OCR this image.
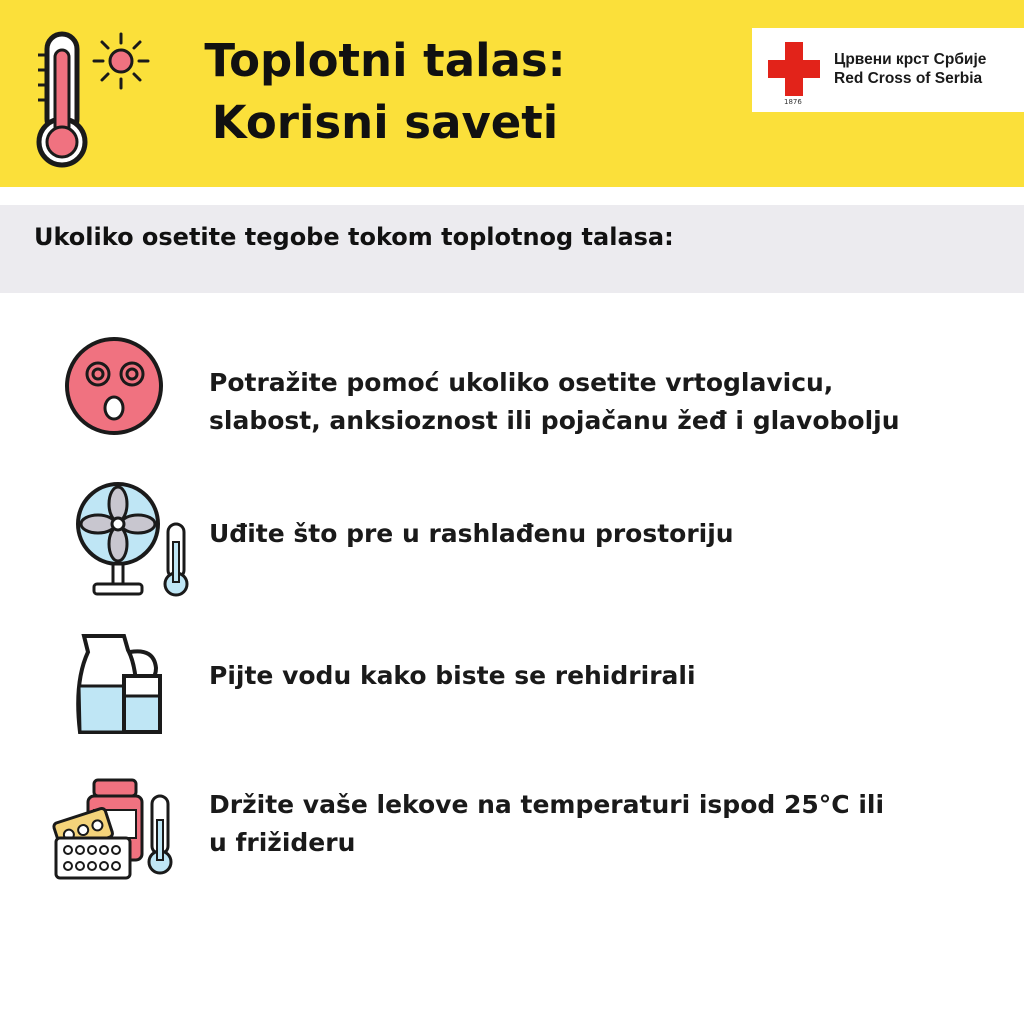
Toplotni talas:
Korisni saveti	1876
Црвени крст Србије
Red Cross of Serbia
Ukoliko osetite tegobe tokom toplotnog talasa:
Potražite pomoć ukoliko osetite vrtoglavicu,
slabost, anksioznost ili pojačanu žeđ i glavobolju
Uđite što pre u rashlađenu prostoriju
Pijte vodu kako biste se rehidrirali
Držite vaše lekove na temperaturi ispod 25°C ili
u frižideru
